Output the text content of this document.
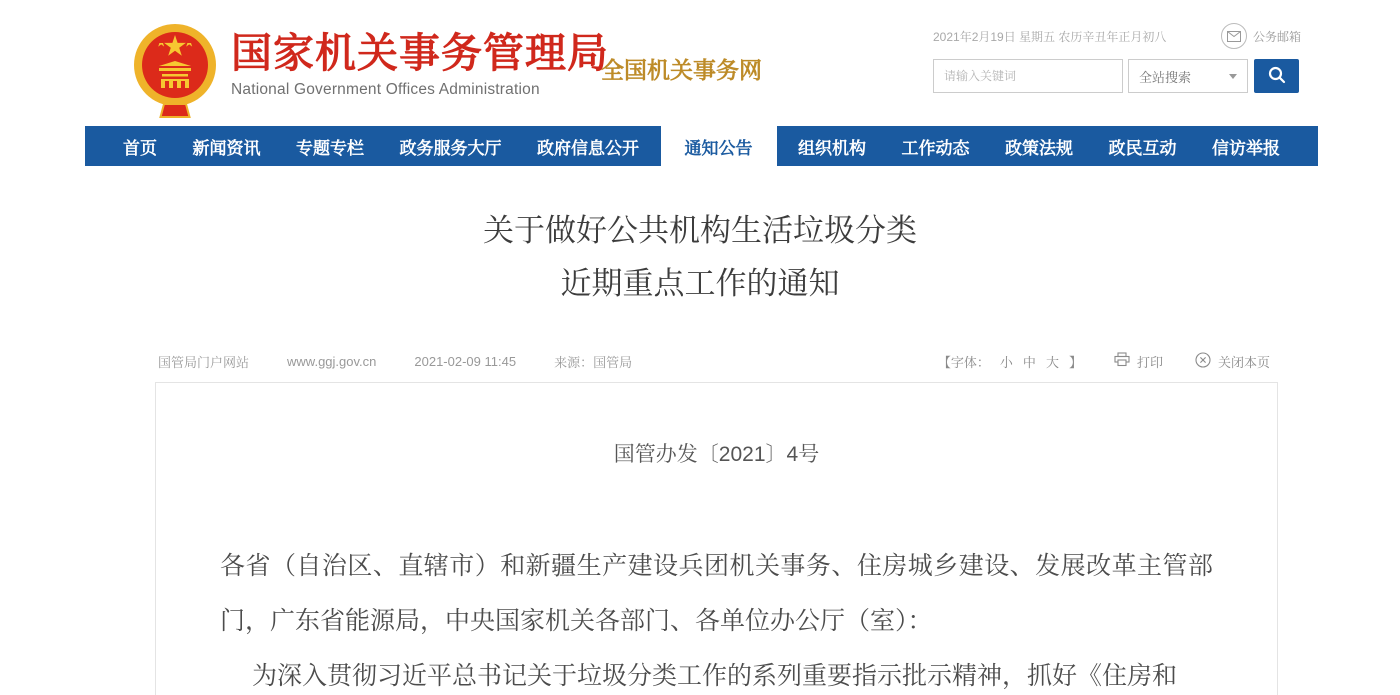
国家机关事务管理局
National Government Offices Administration
全国机关事务网
2021年2月19日 星期五 农历辛丑年正月初八	公务邮箱
请输入关键词
全站搜索
首页	新闻资讯	专题专栏	政务服务大厅	政府信息公开	通知公告	组织机构	工作动态	政策法规	政民互动	信访举报
关于做好公共机构生活垃圾分类
近期重点工作的通知
国管局门户网站	www.ggj.gov.cn	2021-02-09 11:45	来源：国管局	【字体： 小 中 大 】	打印	关闭本页
国管办发〔2021〕4号

各省（自治区、直辖市）和新疆生产建设兵团机关事务、住房城乡建设、发展改革主管部门，广东省能源局，中央国家机关各部门、各单位办公厅（室）：

为深入贯彻习近平总书记关于垃圾分类工作的系列重要指示批示精神，抓好《住房和
